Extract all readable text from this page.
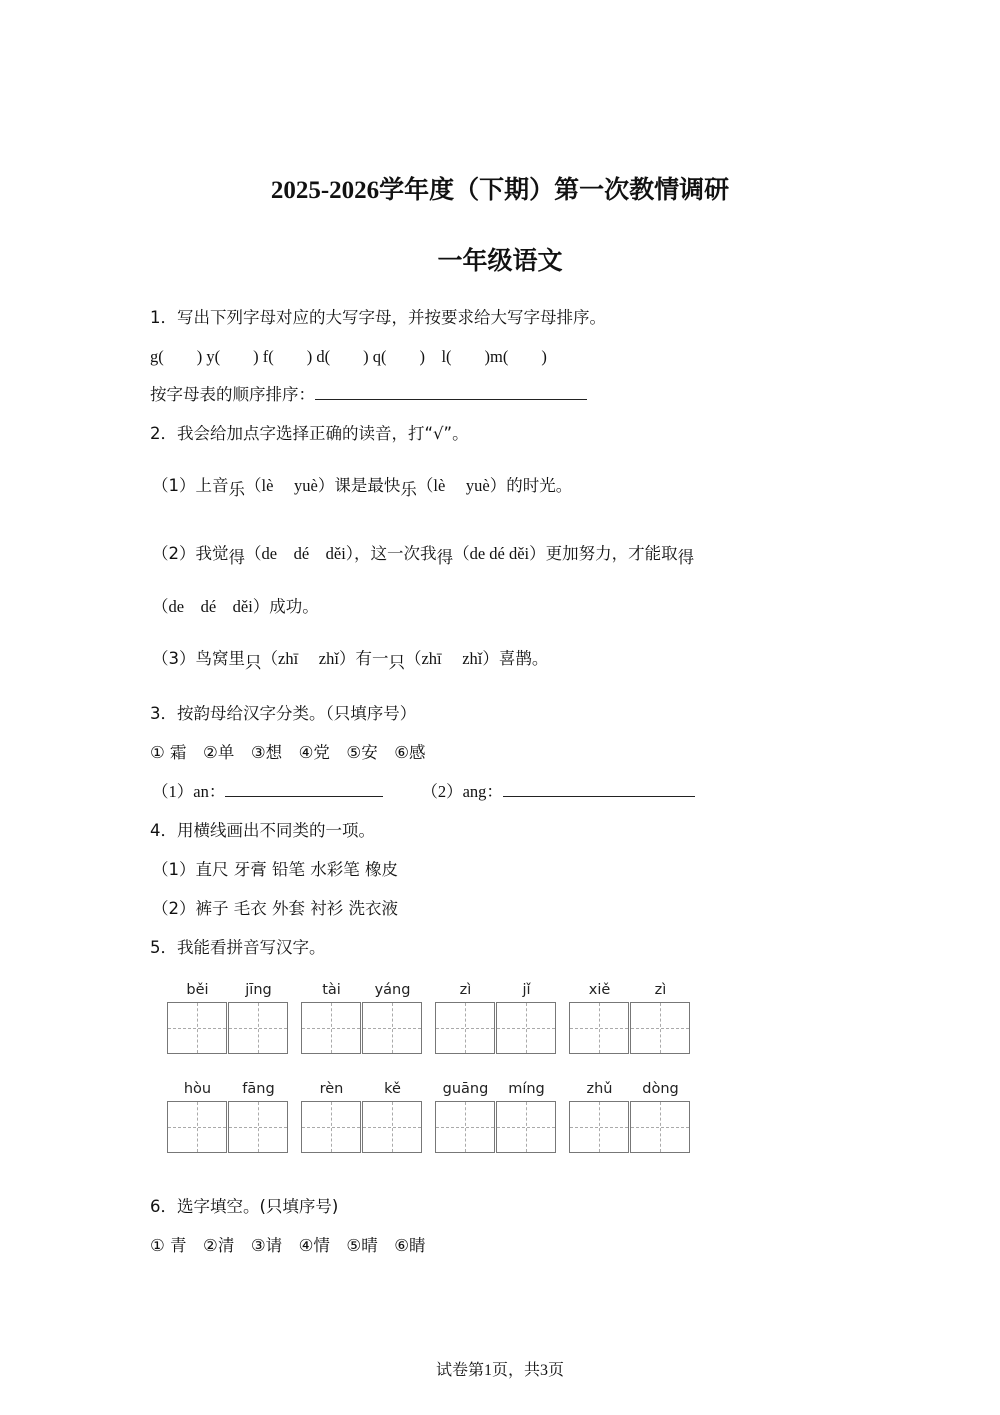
2025-2026学年度（下期）第一次教情调研
一年级语文
1．写出下列字母对应的大写字母，并按要求给大写字母排序。
g(　　) y(　　) f(　　) d(　　) q(　　)　l(　　)m(　　)
按字母表的顺序排序：
2．我会给加点字选择正确的读音，打“√”。
（1）上音乐（lè　 yuè）课是最快乐（lè　 yuè）的时光。
（2）我觉得（de　dé　děi），这一次我得（de dé děi）更加努力，才能取得
（de　dé　děi）成功。
（3）鸟窝里只（zhī　 zhǐ）有一只（zhī　 zhǐ）喜鹊。
3．按韵母给汉字分类。（只填序号）
① 霜　②单　③想　④党　⑤安　⑥感
（1）an：	（2）ang：
4．用横线画出不同类的一项。
（1）直尺 牙膏 铅笔 水彩笔 橡皮
（2）裤子 毛衣 外套 衬衫 洗衣液
5．我能看拼音写汉字。
běi	jīng	tài	yáng	zì	jǐ	xiě	zì
hòu	fāng	rèn	kě	guāng	míng	zhǔ	dòng
6．选字填空。(只填序号)
① 青　②清　③请　④情　⑤晴　⑥睛
试卷第1页，共3页
